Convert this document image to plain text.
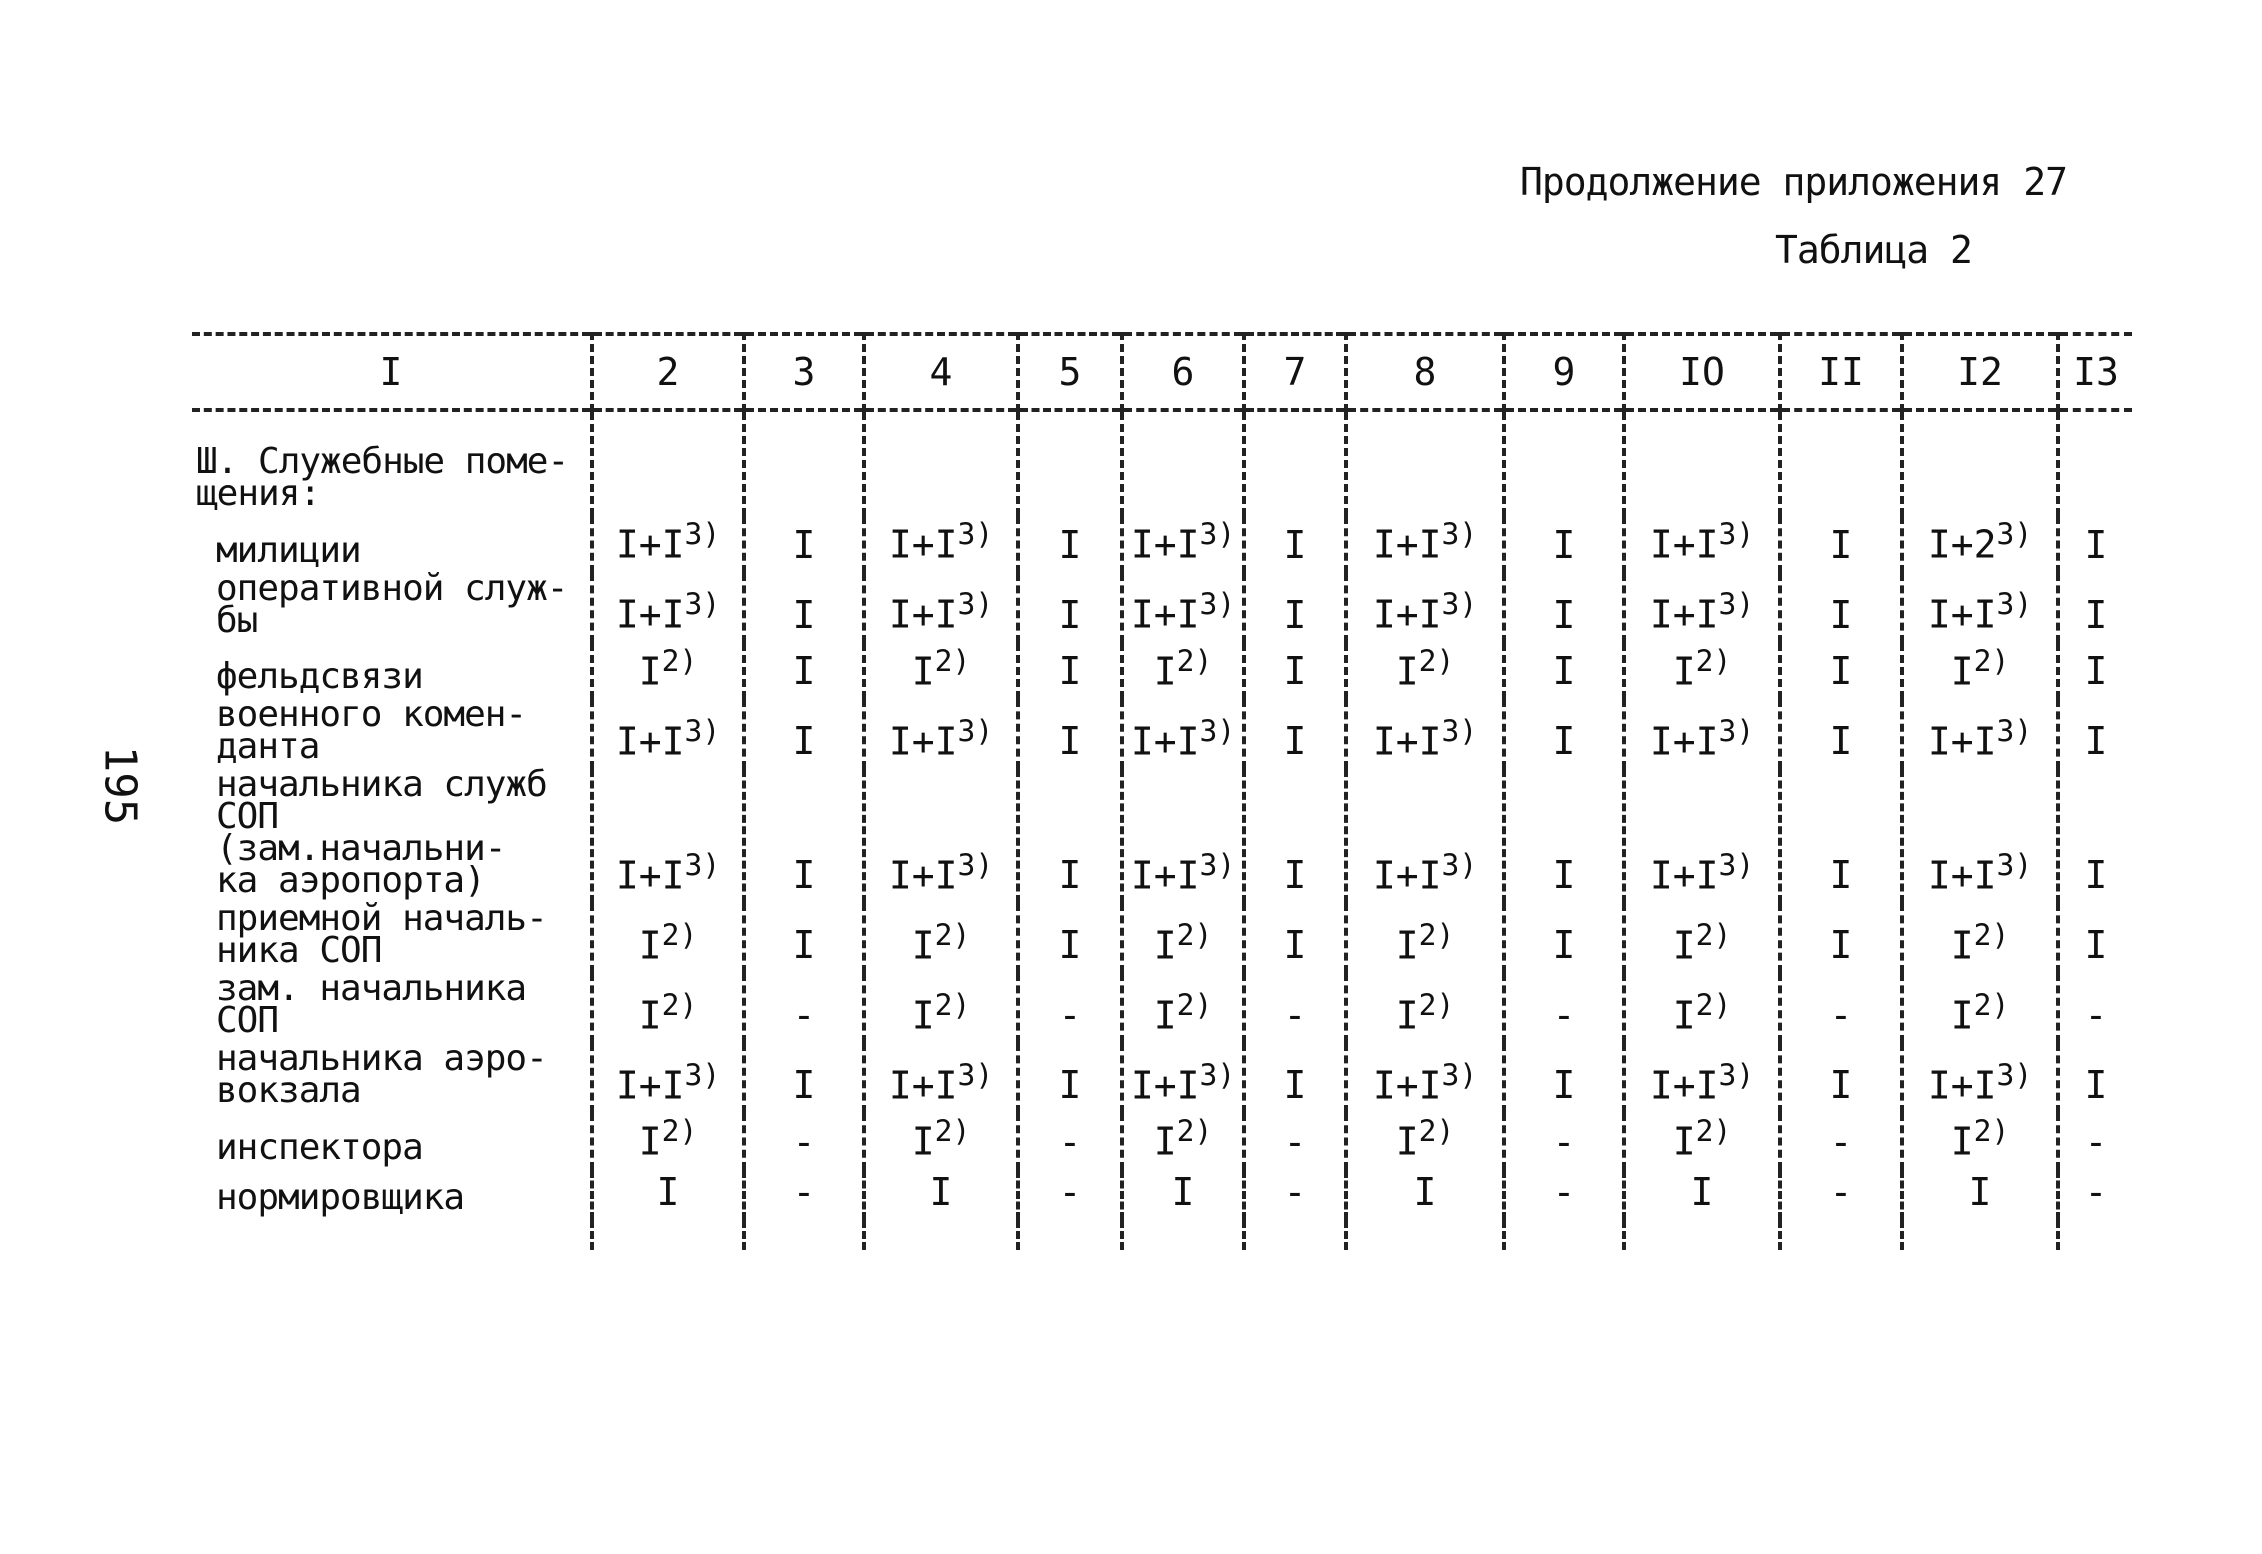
Продолжение приложения 27
Таблица 2
195
I	2	3	4	5	6	7	8	9	IO	II	I2	I3
Ш. Служебные поме-
щения:												

милиции	$I+I^{3)}$	I	$I+I^{3)}$	I	$I+I^{3)}$	I	$I+I^{3)}$	I	$I+I^{3)}$	I	$I+2^{3)}$	I

оперативной служ-
бы	$I+I^{3)}$	I	$I+I^{3)}$	I	$I+I^{3)}$	I	$I+I^{3)}$	I	$I+I^{3)}$	I	$I+I^{3)}$	I

фельдсвязи	$I^{2)}$	I	$I^{2)}$	I	$I^{2)}$	I	$I^{2)}$	I	$I^{2)}$	I	$I^{2)}$	I

военного комен-
данта	$I+I^{3)}$	I	$I+I^{3)}$	I	$I+I^{3)}$	I	$I+I^{3)}$	I	$I+I^{3)}$	I	$I+I^{3)}$	I

начальника служб
СОП (зам.начальни-
ка аэропорта)	$I+I^{3)}$	I	$I+I^{3)}$	I	$I+I^{3)}$	I	$I+I^{3)}$	I	$I+I^{3)}$	I	$I+I^{3)}$	I

приемной началь-
ника СОП	$I^{2)}$	I	$I^{2)}$	I	$I^{2)}$	I	$I^{2)}$	I	$I^{2)}$	I	$I^{2)}$	I

зам. начальника
СОП	$I^{2)}$	-	$I^{2)}$	-	$I^{2)}$	-	$I^{2)}$	-	$I^{2)}$	-	$I^{2)}$	-

начальника аэро-
вокзала	$I+I^{3)}$	I	$I+I^{3)}$	I	$I+I^{3)}$	I	$I+I^{3)}$	I	$I+I^{3)}$	I	$I+I^{3)}$	I

инспектора	$I^{2)}$	-	$I^{2)}$	-	$I^{2)}$	-	$I^{2)}$	-	$I^{2)}$	-	$I^{2)}$	-

нормировщика	I	-	I	-	I	-	I	-	I	-	I	-
